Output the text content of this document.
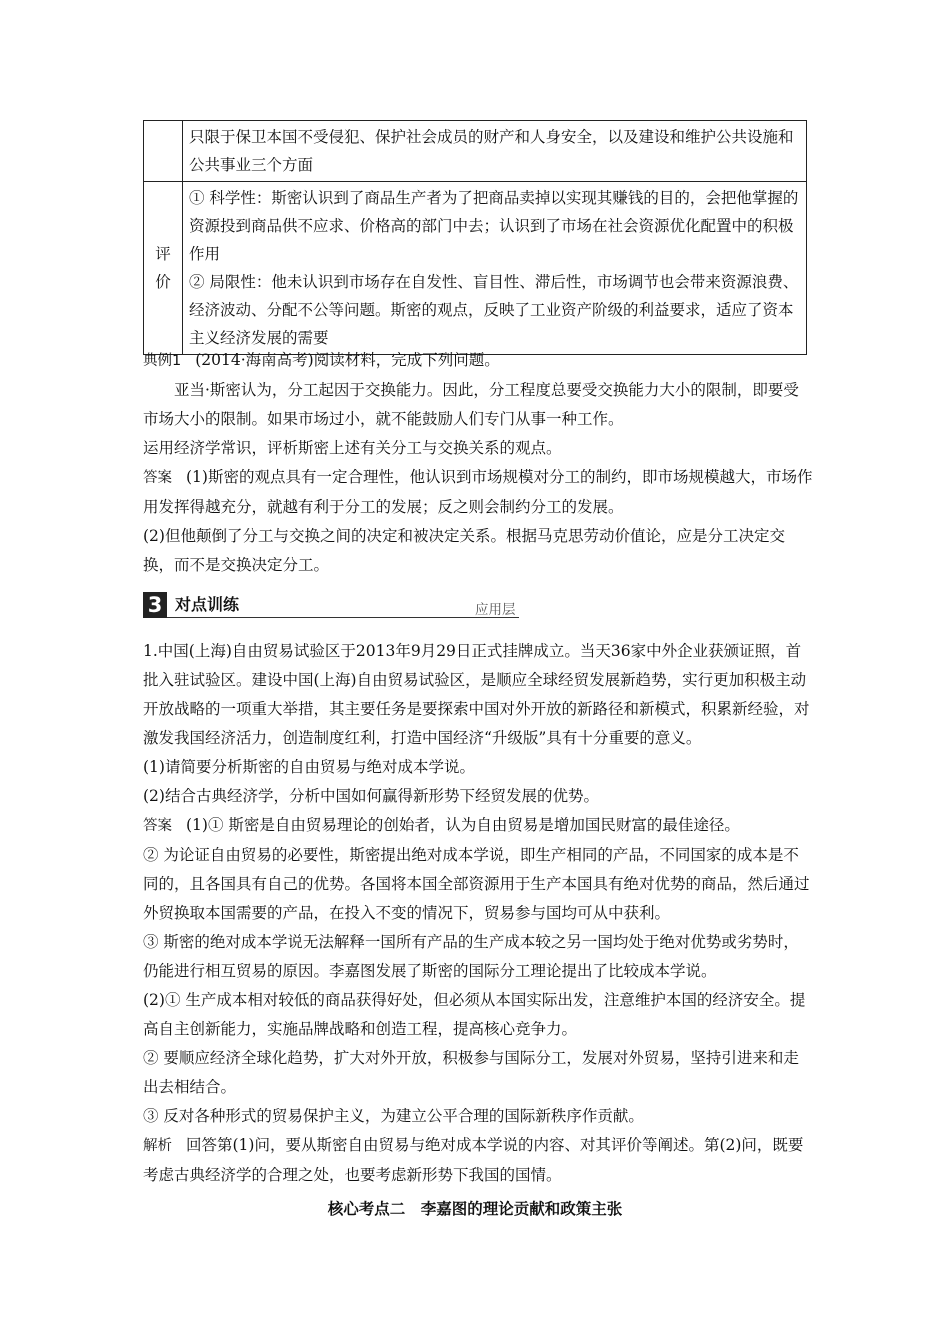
	只限于保卫本国不受侵犯、保护社会成员的财产和人身安全，以及建设和维护公共设施和公共事业三个方面
评价	① 科学性：斯密认识到了商品生产者为了把商品卖掉以实现其赚钱的目的，会把他掌握的资源投到商品供不应求、价格高的部门中去；认识到了市场在社会资源优化配置中的积极作用
② 局限性：他未认识到市场存在自发性、盲目性、滞后性，市场调节也会带来资源浪费、经济波动、分配不公等问题。斯密的观点，反映了工业资产阶级的利益要求，适应了资本主义经济发展的需要

典例1 (2014·海南高考)阅读材料，完成下列问题。

亚当·斯密认为，分工起因于交换能力。因此，分工程度总要受交换能力大小的限制，即要受市场大小的限制。如果市场过小，就不能鼓励人们专门从事一种工作。

运用经济学常识，评析斯密上述有关分工与交换关系的观点。

答案 (1)斯密的观点具有一定合理性，他认识到市场规模对分工的制约，即市场规模越大，市场作用发挥得越充分，就越有利于分工的发展；反之则会制约分工的发展。

(2)但他颠倒了分工与交换之间的决定和被决定关系。根据马克思劳动价值论，应是分工决定交换，而不是交换决定分工。

3 对点训练	应用层

1.中国(上海)自由贸易试验区于2013年9月29日正式挂牌成立。当天36家中外企业获颁证照，首批入驻试验区。建设中国(上海)自由贸易试验区，是顺应全球经贸发展新趋势，实行更加积极主动开放战略的一项重大举措，其主要任务是要探索中国对外开放的新路径和新模式，积累新经验，对激发我国经济活力，创造制度红利，打造中国经济“升级版”具有十分重要的意义。

(1)请简要分析斯密的自由贸易与绝对成本学说。

(2)结合古典经济学，分析中国如何赢得新形势下经贸发展的优势。

答案 (1)① 斯密是自由贸易理论的创始者，认为自由贸易是增加国民财富的最佳途径。

② 为论证自由贸易的必要性，斯密提出绝对成本学说，即生产相同的产品，不同国家的成本是不同的，且各国具有自己的优势。各国将本国全部资源用于生产本国具有绝对优势的商品，然后通过外贸换取本国需要的产品，在投入不变的情况下，贸易参与国均可从中获利。

③ 斯密的绝对成本学说无法解释一国所有产品的生产成本较之另一国均处于绝对优势或劣势时，仍能进行相互贸易的原因。李嘉图发展了斯密的国际分工理论提出了比较成本学说。

(2)① 生产成本相对较低的商品获得好处，但必须从本国实际出发，注意维护本国的经济安全。提高自主创新能力，实施品牌战略和创造工程，提高核心竞争力。

② 要顺应经济全球化趋势，扩大对外开放，积极参与国际分工，发展对外贸易，坚持引进来和走出去相结合。

③ 反对各种形式的贸易保护主义，为建立公平合理的国际新秩序作贡献。

解析 回答第(1)问，要从斯密自由贸易与绝对成本学说的内容、对其评价等阐述。第(2)问，既要考虑古典经济学的合理之处，也要考虑新形势下我国的国情。

核心考点二　李嘉图的理论贡献和政策主张
